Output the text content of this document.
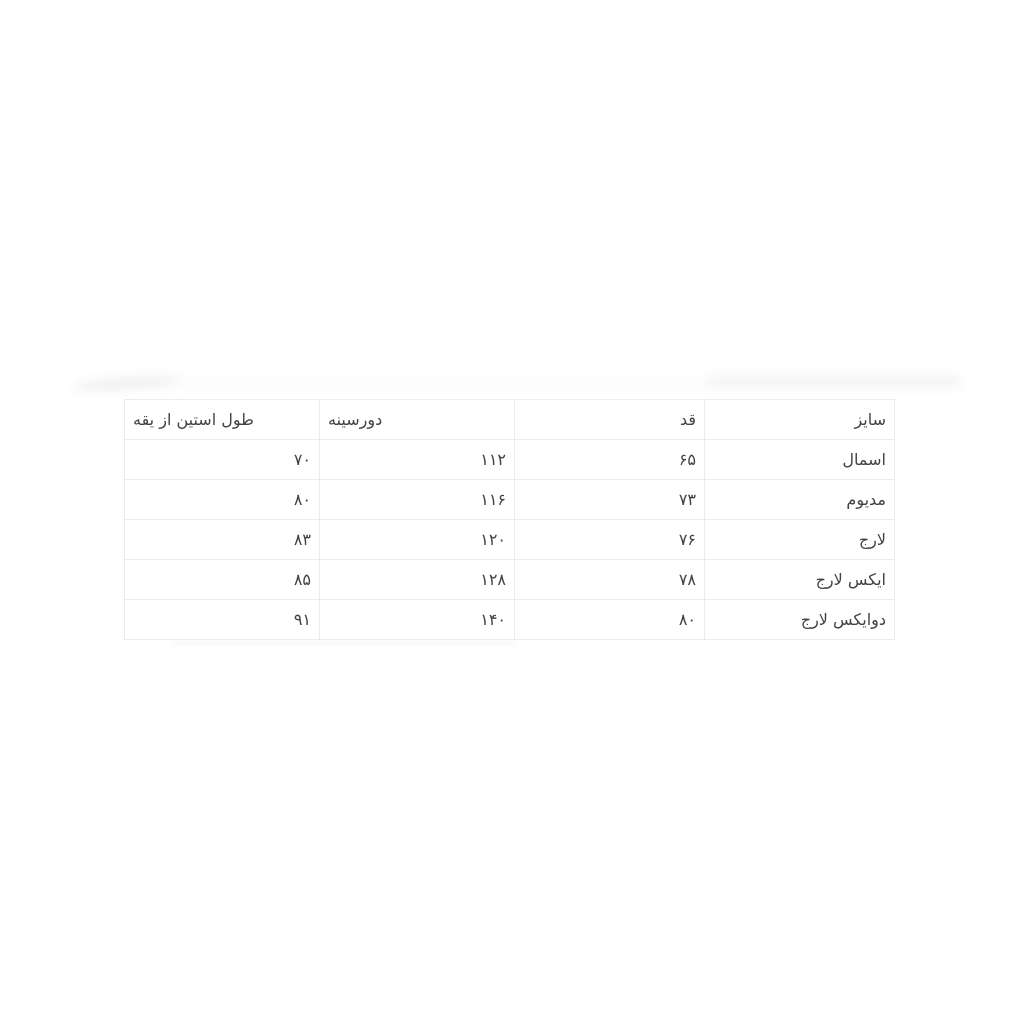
سایز	قد	دورسینه	طول استین از یقه
اسمال	۶۵	۱۱۲	۷۰
مدیوم	۷۳	۱۱۶	۸۰
لارج	۷۶	۱۲۰	۸۳
ایکس لارج	۷۸	۱۲۸	۸۵
دوایکس لارج	۸۰	۱۴۰	۹۱
